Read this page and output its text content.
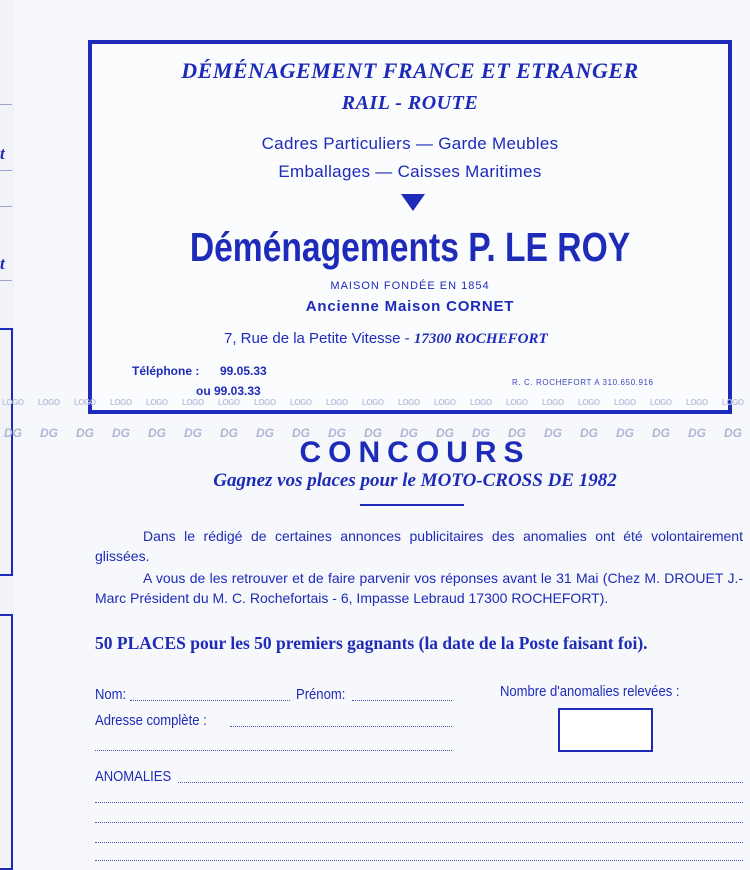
t
t
DÉMÉNAGEMENT FRANCE ET ETRANGER
RAIL - ROUTE
Cadres Particuliers — Garde Meubles
Emballages — Caisses Maritimes
Déménagements P. LE ROY
MAISON FONDÉE EN 1854
Ancienne Maison CORNET
7, Rue de la Petite Vitesse - 17300 ROCHEFORT
Téléphone : 99.05.33
ou 99.03.33
R. C. ROCHEFORT A 310.650.916
LOGO
DG
LOGO
DG
LOGO
DG
LOGO
DG
LOGO
DG
LOGO
DG
LOGO
DG
LOGO
DG
LOGO
DG
LOGO
DG
LOGO
DG
LOGO
DG
LOGO
DG
LOGO
DG
LOGO
DG
LOGO
DG
LOGO
DG
LOGO
DG
LOGO
DG
LOGO
DG
LOGO
DG
CONCOURS
Gagnez vos places pour le MOTO-CROSS DE 1982
Dans le rédigé de certaines annonces publicitaires des anomalies ont été volontairement glissées.
A vous de les retrouver et de faire parvenir vos réponses avant le 31 Mai (Chez M. DROUET J.-Marc Président du M. C. Rochefortais - 6, Impasse Lebraud 17300 ROCHEFORT).
50 PLACES pour les 50 premiers gagnants (la date de la Poste faisant foi).
Nom:	Prénom:	Nombre d'anomalies relevées :
Adresse complète :
ANOMALIES
